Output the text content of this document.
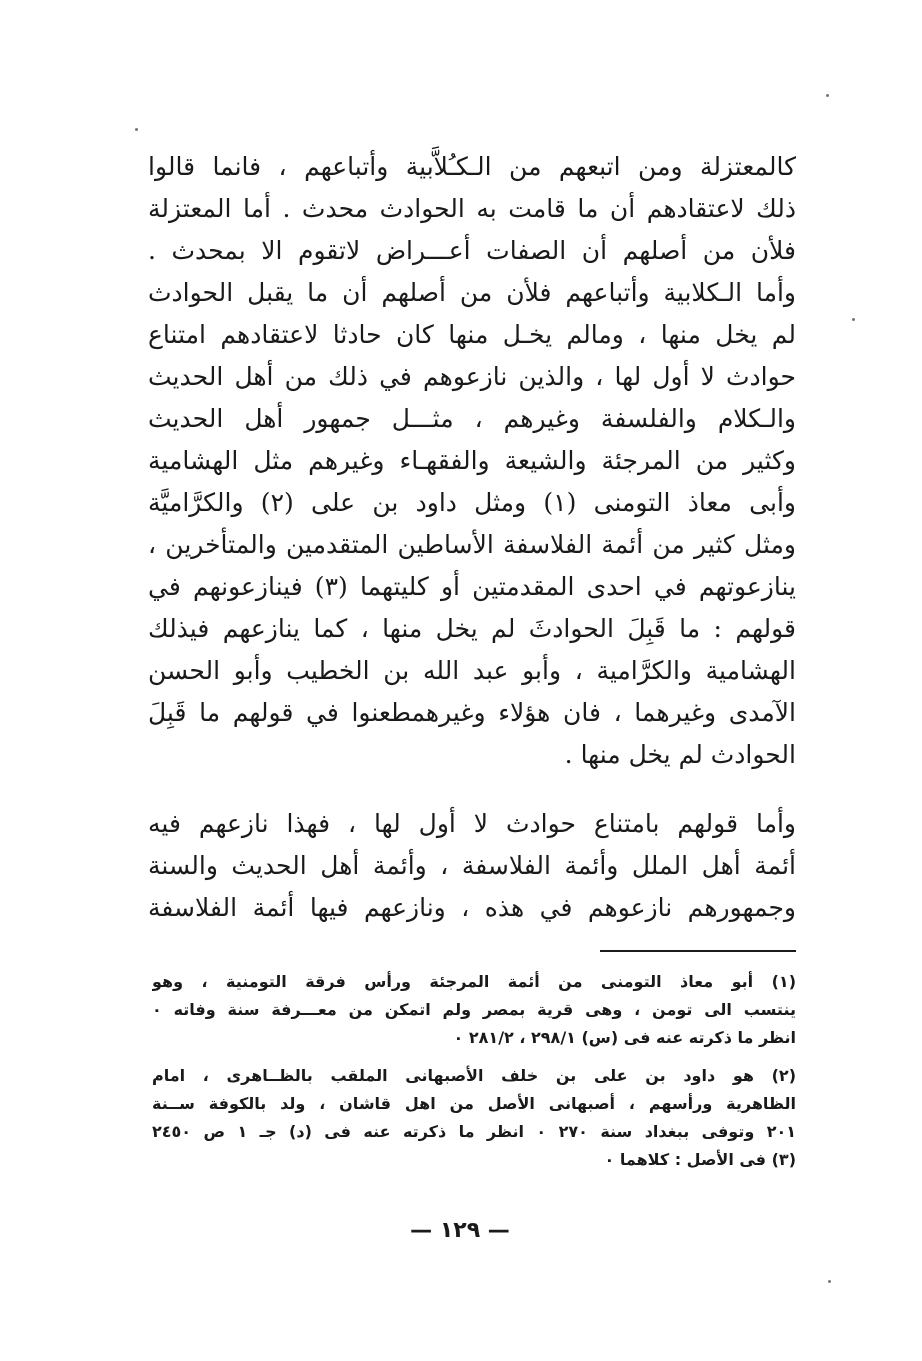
كالمعتزلة ومن اتبعهم من الـكـُلاَّبية وأتباعهم ، فانما قالوا
ذلك لاعتقادهم أن ما قامت به الحوادث محدث . أما المعتزلة
فلأن من أصلهم أن الصفات أعـــراض لاتقوم الا بمحدث .
وأما الـكلابية وأتباعهم فلأن من أصلهم أن ما يقبل الحوادث
لم يخل منها ، ومالم يخـل منها كان حادثا لاعتقادهم امتناع
حوادث لا أول لها ، والذين نازعوهم في ذلك من أهل الحديث
والـكلام والفلسفة وغيرهم ، مثـــل جمهور أهل الحديث
وكثير من المرجئة والشيعة والفقهـاء وغيرهم مثل الهشامية
وأبى معاذ التومنى (١) ومثل داود بن على (٢) والكرَّاميَّة
ومثل كثير من أئمة الفلاسفة الأساطين المتقدمين والمتأخرين ،
ينازعوتهم في احدى المقدمتين أو كليتهما (٣) فينازعونهم في
قولهم : ما قَبِلَ الحوادثَ لم يخل منها ، كما ينازعهم فيذلك
الهشامية والكرَّامية ، وأبو عبد الله بن الخطيب وأبو الحسن
الآمدى وغيرهما ، فان هؤلاء وغيرهمطعنوا في قولهم ما قَبِلَ
الحوادث لم يخل منها .
وأما قولهم بامتناع حوادث لا أول لها ، فهذا نازعهم فيه
أئمة أهل الملل وأئمة الفلاسفة ، وأئمة أهل الحديث والسنة
وجمهورهم نازعوهم في هذه ، ونازعهم فيها أئمة الفلاسفة
(١) أبو معاذ التومنى من أئمة المرجئة ورأس فرقة التومنية ، وهو
ينتسب الى تومن ، وهى قرية بمصر ولم اتمكن من معـــرفة سنة وفاته ٠
انظر ما ذكرته عنه فى (س) ٢٩٨/١ ، ٢٨١/٢ ٠
(٢) هو داود بن على بن خلف الأصبهانى الملقب بالظــاهرى ، امام
الظاهرية ورأسهم ، أصبهانى الأصل من اهل قاشان ، ولد بالكوفة ســنة
٢٠١ وتوفى ببغداد سنة ٢٧٠ ٠ انظر ما ذكرته عنه فى (د) جـ ١ ص ٢٤٥٠
(٣) فى الأصل : كلاهما ٠
— ١٢٩ —
